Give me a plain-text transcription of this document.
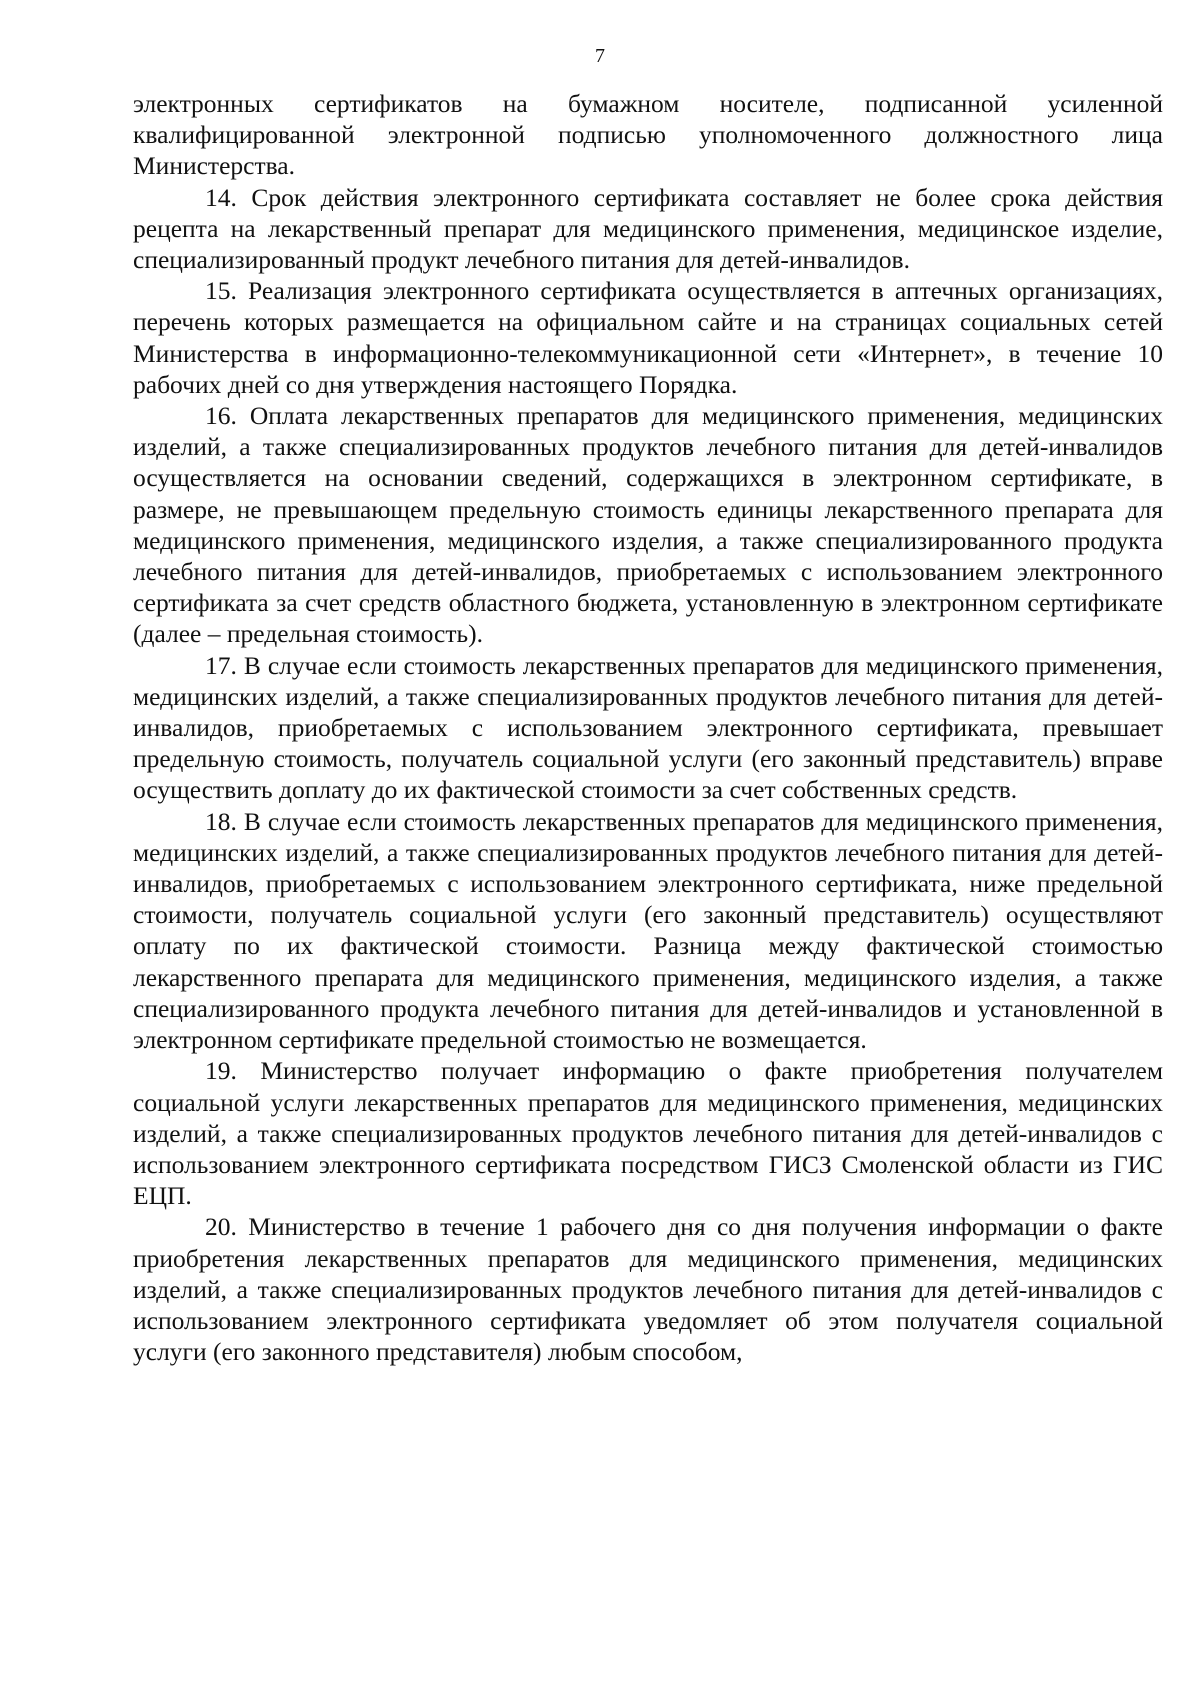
7

электронных сертификатов на бумажном носителе, подписанной усиленной квалифицированной электронной подписью уполномоченного должностного лица Министерства.

14. Срок действия электронного сертификата составляет не более срока действия рецепта на лекарственный препарат для медицинского применения, медицинское изделие, специализированный продукт лечебного питания для детей-инвалидов.

15. Реализация электронного сертификата осуществляется в аптечных организациях, перечень которых размещается на официальном сайте и на страницах социальных сетей Министерства в информационно-телекоммуникационной сети «Интернет», в течение 10 рабочих дней со дня утверждения настоящего Порядка.

16. Оплата лекарственных препаратов для медицинского применения, медицинских изделий, а также специализированных продуктов лечебного питания для детей-инвалидов осуществляется на основании сведений, содержащихся в электронном сертификате, в размере, не превышающем предельную стоимость единицы лекарственного препарата для медицинского применения, медицинского изделия, а также специализированного продукта лечебного питания для детей-инвалидов, приобретаемых с использованием электронного сертификата за счет средств областного бюджета, установленную в электронном сертификате (далее – предельная стоимость).

17. В случае если стоимость лекарственных препаратов для медицинского применения, медицинских изделий, а также специализированных продуктов лечебного питания для детей-инвалидов, приобретаемых с использованием электронного сертификата, превышает предельную стоимость, получатель социальной услуги (его законный представитель) вправе осуществить доплату до их фактической стоимости за счет собственных средств.

18. В случае если стоимость лекарственных препаратов для медицинского применения, медицинских изделий, а также специализированных продуктов лечебного питания для детей-инвалидов, приобретаемых с использованием электронного сертификата, ниже предельной стоимости, получатель социальной услуги (его законный представитель) осуществляют оплату по их фактической стоимости. Разница между фактической стоимостью лекарственного препарата для медицинского применения, медицинского изделия, а также специализированного продукта лечебного питания для детей-инвалидов и установленной в электронном сертификате предельной стоимостью не возмещается.

19. Министерство получает информацию о факте приобретения получателем социальной услуги лекарственных препаратов для медицинского применения, медицинских изделий, а также специализированных продуктов лечебного питания для детей-инвалидов с использованием электронного сертификата посредством ГИСЗ Смоленской области из ГИС ЕЦП.

20. Министерство в течение 1 рабочего дня со дня получения информации о факте приобретения лекарственных препаратов для медицинского применения, медицинских изделий, а также специализированных продуктов лечебного питания для детей-инвалидов с использованием электронного сертификата уведомляет об этом получателя социальной услуги (его законного представителя) любым способом,
